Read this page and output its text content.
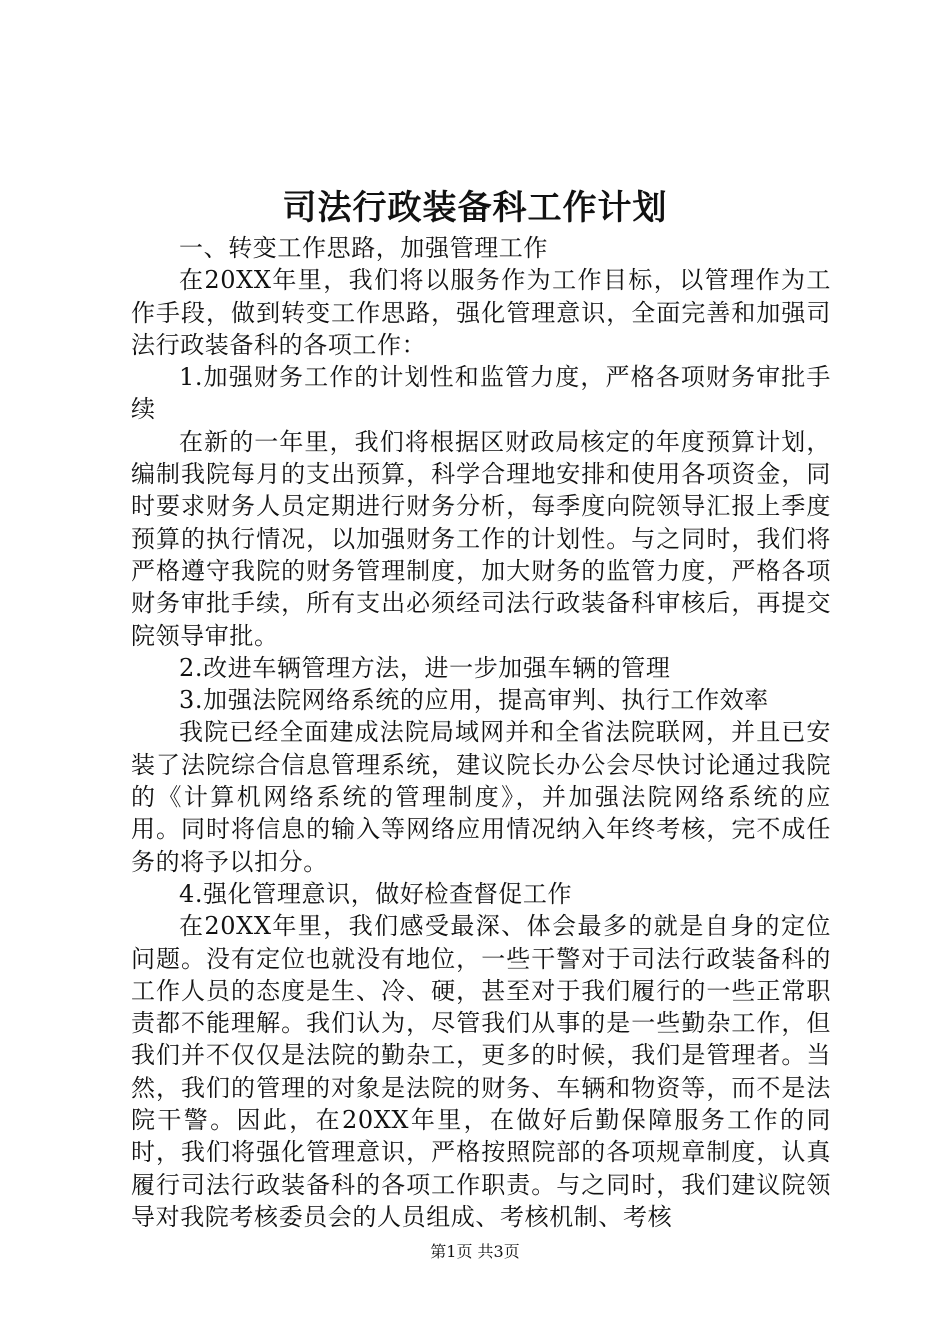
司法行政装备科工作计划

一、转变工作思路，加强管理工作

在20XX年里，我们将以服务作为工作目标，以管理作为工作手段，做到转变工作思路，强化管理意识，全面完善和加强司法行政装备科的各项工作：

1.加强财务工作的计划性和监管力度，严格各项财务审批手续

在新的一年里，我们将根据区财政局核定的年度预算计划，编制我院每月的支出预算，科学合理地安排和使用各项资金，同时要求财务人员定期进行财务分析，每季度向院领导汇报上季度预算的执行情况，以加强财务工作的计划性。与之同时，我们将严格遵守我院的财务管理制度，加大财务的监管力度，严格各项财务审批手续，所有支出必须经司法行政装备科审核后，再提交院领导审批。

2.改进车辆管理方法，进一步加强车辆的管理

3.加强法院网络系统的应用，提高审判、执行工作效率

我院已经全面建成法院局域网并和全省法院联网，并且已安装了法院综合信息管理系统，建议院长办公会尽快讨论通过我院的《计算机网络系统的管理制度》，并加强法院网络系统的应用。同时将信息的输入等网络应用情况纳入年终考核，完不成任务的将予以扣分。

4.强化管理意识，做好检查督促工作

在20XX年里，我们感受最深、体会最多的就是自身的定位问题。没有定位也就没有地位，一些干警对于司法行政装备科的工作人员的态度是生、冷、硬，甚至对于我们履行的一些正常职责都不能理解。我们认为，尽管我们从事的是一些勤杂工作，但我们并不仅仅是法院的勤杂工，更多的时候，我们是管理者。当然，我们的管理的对象是法院的财务、车辆和物资等，而不是法院干警。因此，在20XX年里，在做好后勤保障服务工作的同时，我们将强化管理意识，严格按照院部的各项规章制度，认真履行司法行政装备科的各项工作职责。与之同时，我们建议院领导对我院考核委员会的人员组成、考核机制、考核

第1页 共3页
